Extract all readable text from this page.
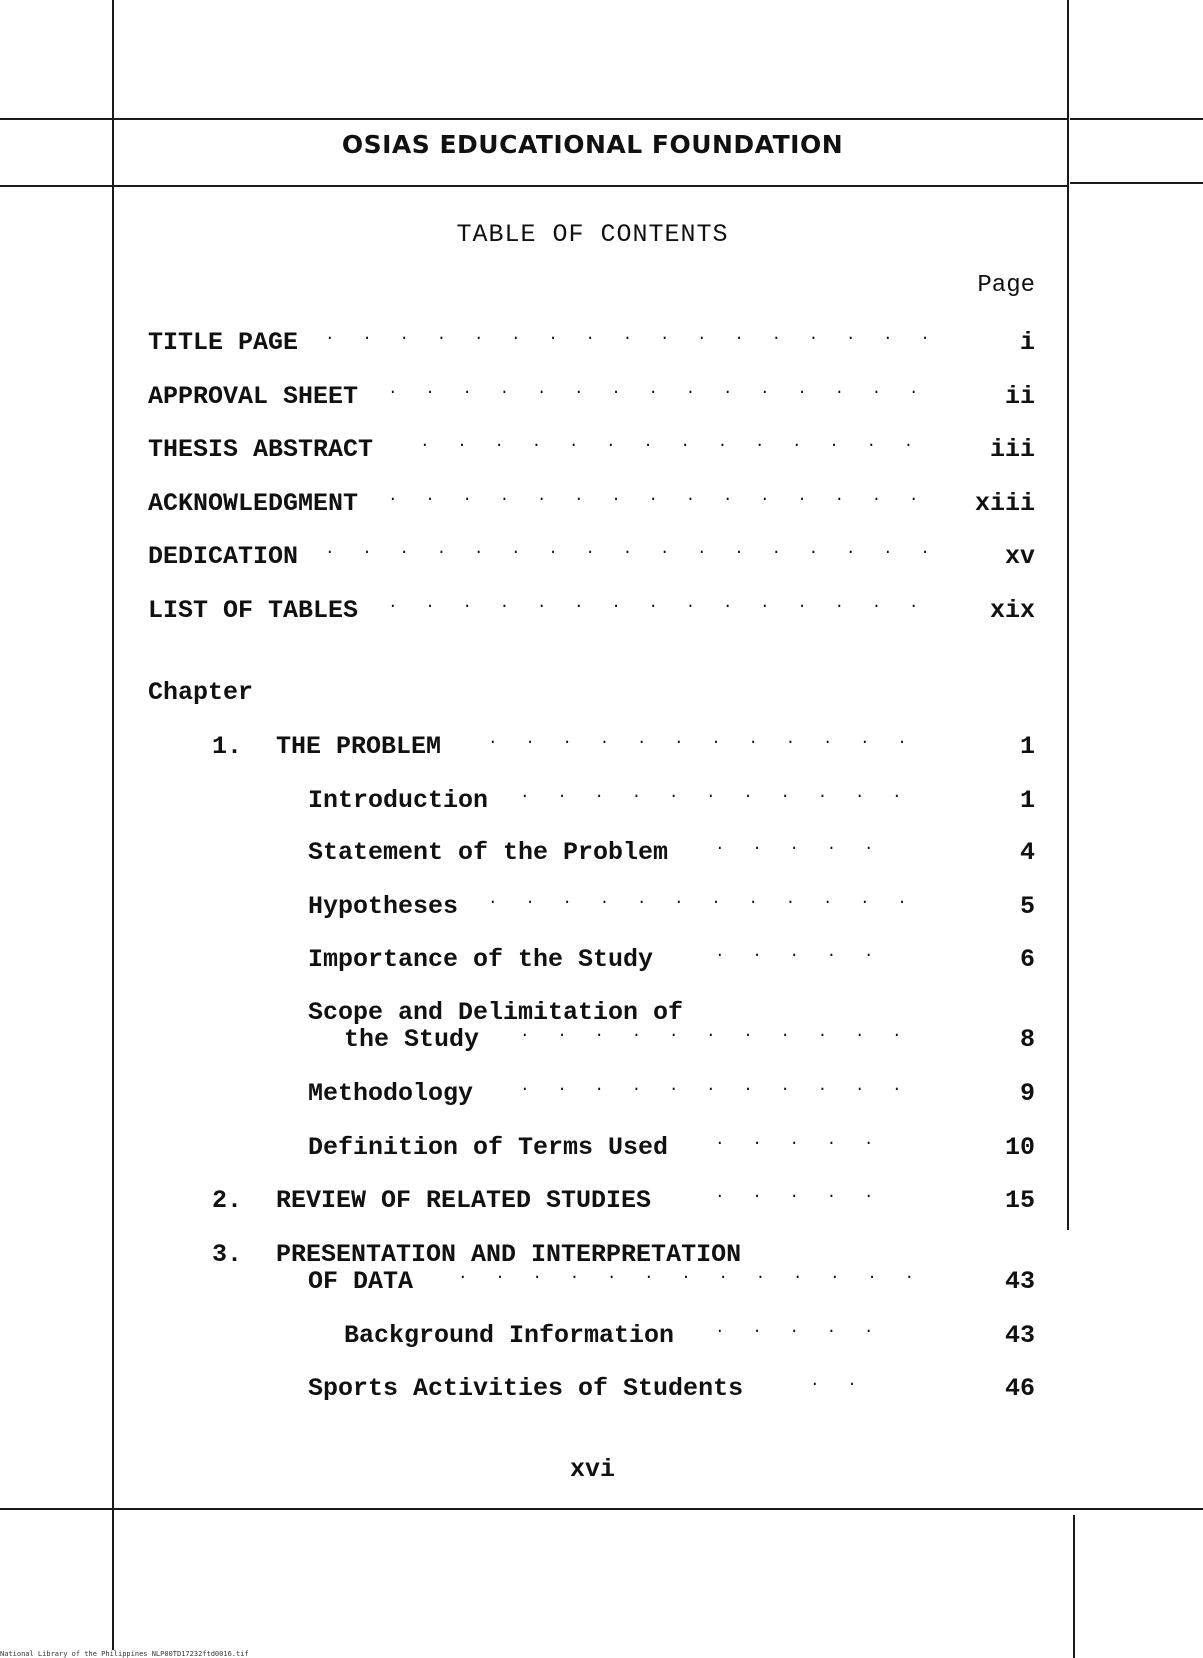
OSIAS EDUCATIONAL FOUNDATION
TABLE OF CONTENTS
Page
TITLE PAGE . . . . . . . . . . . . . . . . .	i
APPROVAL SHEET . . . . . . . . . . . . . . .	ii
THESIS ABSTRACT	. . . . . . . . . . . . . .	iii
ACKNOWLEDGMENT . . . . . . . . . . . . . . .	xiii
DEDICATION . . . . . . . . . . . . . . . . .	xv
LIST OF TABLES . . . . . . . . . . . . . . .	xix
Chapter
1. THE PROBLEM	. . . . . . . . . . . .	1
Introduction . . . . . . . . . . .	1
Statement of the Problem	. . . . .	4
Hypotheses . . . . . . . . . . . .	5
Importance of the Study	. . . . .	6
Scope and Delimitation of
the Study	. . . . . . . . . . .	8
Methodology	. . . . . . . . . . .	9
Definition of Terms Used	. . . . .	10
2. REVIEW OF RELATED STUDIES	. . . . .	15
3. PRESENTATION AND INTERPRETATION
OF DATA	. . . . . . . . . . . . .	43
Background Information	. . . . .	43
Sports Activities of Students	. .	46
xvi
National Library of the Philippines NLP00TD17232ftd0016.tif
